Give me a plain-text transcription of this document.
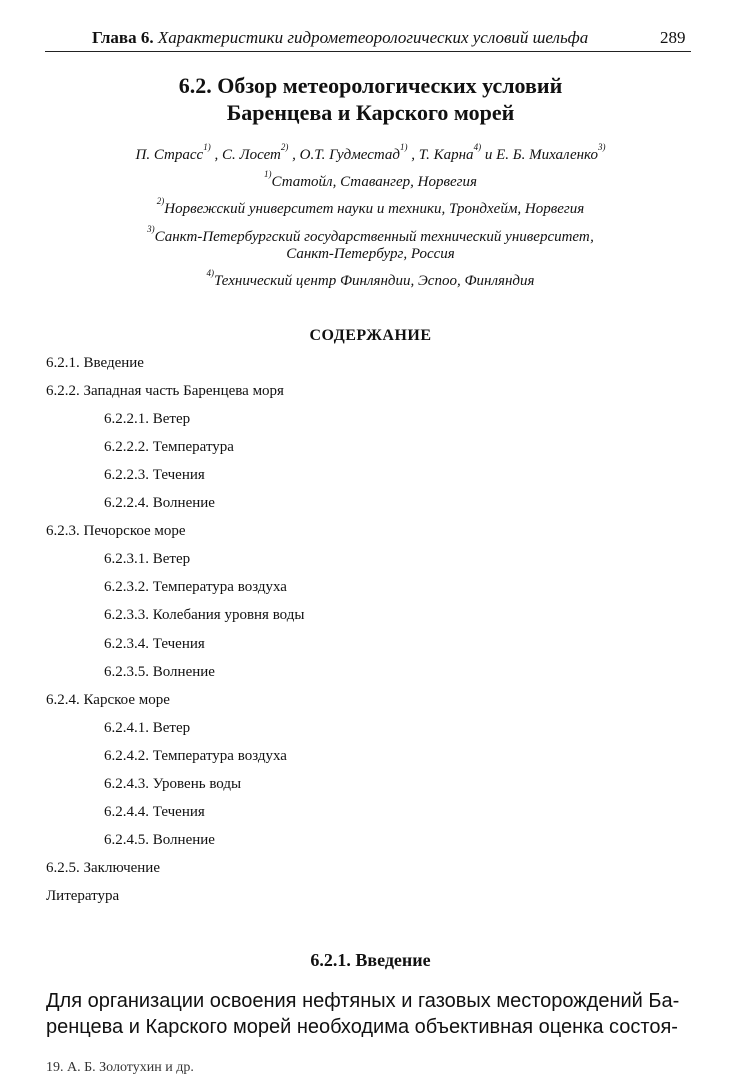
Глава 6. Характеристики гидрометеорологических условий шельфа	289
6.2. Обзор метеорологических условий
Баренцева и Карского морей
П. Страсс$^{1)}$ , С. Лосет$^{2)}$ , О.Т. Гудместад$^{1)}$ , Т. Карна$^{4)}$ и Е. Б. Михаленко$^{3)}$
$^{1)}$Статойл, Ставангер, Норвегия
$^{2)}$Норвежский университет науки и техники, Трондхейм, Норвегия
$^{3)}$Санкт-Петербургский государственный технический университет,
Санкт-Петербург, Россия
$^{4)}$Технический центр Финляндии, Эспоо, Финляндия
СОДЕРЖАНИЕ
6.2.1. Введение
6.2.2. Западная часть Баренцева моря
6.2.2.1. Ветер
6.2.2.2. Температура
6.2.2.3. Течения
6.2.2.4. Волнение
6.2.3. Печорское море
6.2.3.1. Ветер
6.2.3.2. Температура воздуха
6.2.3.3. Колебания уровня воды
6.2.3.4. Течения
6.2.3.5. Волнение
6.2.4. Карское море
6.2.4.1. Ветер
6.2.4.2. Температура воздуха
6.2.4.3. Уровень воды
6.2.4.4. Течения
6.2.4.5. Волнение
6.2.5. Заключение
Литература
6.2.1. Введение
Для организации освоения нефтяных и газовых месторождений Ба-
ренцева и Карского морей необходима объективная оценка состоя-
19. А. Б. Золотухин и др.
